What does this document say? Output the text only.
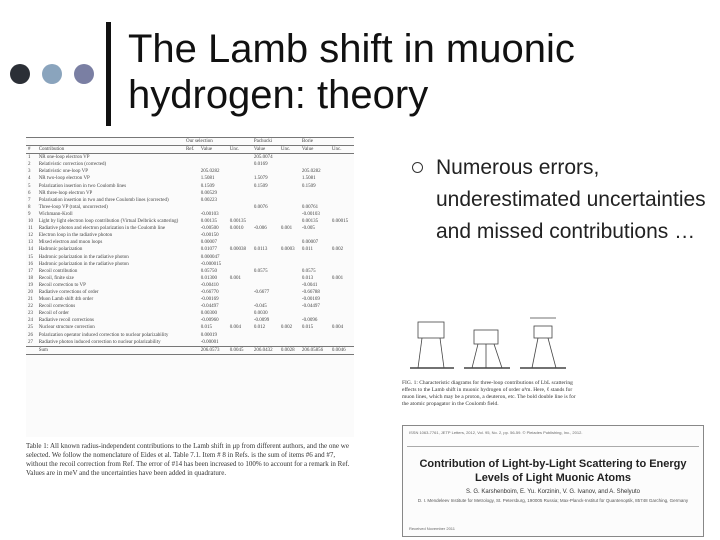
The Lamb shift in muonic hydrogen: theory
Numerous errors, underestimated uncertainties and missed contributions …
		Our selection			Pachucki		Borie	
#	Contribution	Ref.	Value	Unc.	Value	Unc.	Value	Unc.
1	NR one-loop electron VP				205.0074			
2	Relativistic correction (corrected)				0.0169			
3	Relativistic one-loop VP		205.0282				205.0282	
4	NR two-loop electron VP		1.5081		1.5079		1.5081	
5	Polarization insertion in two Coulomb lines		0.1509		0.1509		0.1509	
6	NR three-loop electron VP		0.00529					
7	Polarisation insertion in two and three Coulomb lines (corrected)		0.00223					
8	Three-loop VP (total, uncorrected)				0.0076		0.00761	
9	Wichmann-Kroll		-0.00103				-0.00103	
10	Light by light electron loop contribution (Virtual Delbrück scattering)		0.00135	0.00135			0.00135	0.00015
11	Radiative photon and electron polarization in the Coulomb line		-0.00500	0.0010	-0.006	0.001	-0.005	
12	Electron loop in the radiative photon		-0.00150					
13	Mixed electron and muon loops		0.00007				0.00007	
14	Hadronic polarization		0.01077	0.00038	0.0113	0.0003	0.011	0.002
15	Hadronic polarization in the radiative photon		0.000047					
16	Hadronic polarization in the radiative photon		-0.000015					
17	Recoil contribution		0.05750		0.0575		0.0575	
18	Recoil, finite size		0.01300	0.001			0.013	0.001
19	Recoil correction to VP		-0.00410				-0.0041	
20	Radiative corrections of order		-0.66770		-0.6677		-0.66788	
21	Muon Lamb shift 4th order		-0.00169				-0.00169	
22	Recoil corrections		-0.04497		-0.045		-0.04497	
23	Recoil of order		0.00300		0.0030			
24	Radiative recoil corrections		-0.00960		-0.0099		-0.0096	
25	Nuclear structure correction		0.015	0.004	0.012	0.002	0.015	0.004
26	Polarization operator induced correction to nuclear polarizability		0.00019					
27	Radiative photon induced correction to nuclear polarizability		-0.00001					
	Sum		206.0573	0.0045	206.0432	0.0028	206.05856	0.0046
Table 1: All known radius-independent contributions to the Lamb shift in μp from different authors, and the one we selected. We follow the nomenclature of Eides et al. Table 7.1. Item # 8 in Refs. is the sum of items #6 and #7, without the recoil correction from Ref. The error of #14 has been increased to 100% to account for a remark in Ref. Values are in meV and the uncertainties have been added in quadrature.
FIG. 1: Characteristic diagrams for three-loop contributions of LbL scattering effects to the Lamb shift in muonic hydrogen of order α³m. Here, ℓ stands for muon lines, which may be a proton, a deuteron, etc. The bold double line is for the atomic propagator in the Coulomb field.
ISSN 1063-7761, JETP Letters, 2012, Vol. 95, No. 2, pp. 56-59. © Pleiades Publishing, Inc., 2012.
Contribution of Light-by-Light Scattering to Energy Levels of Light Muonic Atoms
S. G. Karshenboim, E. Yu. Korzinin, V. G. Ivanov, and A. Shelyuto
D. I. Mendeleev Institute for Metrology, St. Petersburg, 190005 Russia; Max-Planck-Institut für Quantenoptik, 85748 Garching, Germany
Received November 2011
